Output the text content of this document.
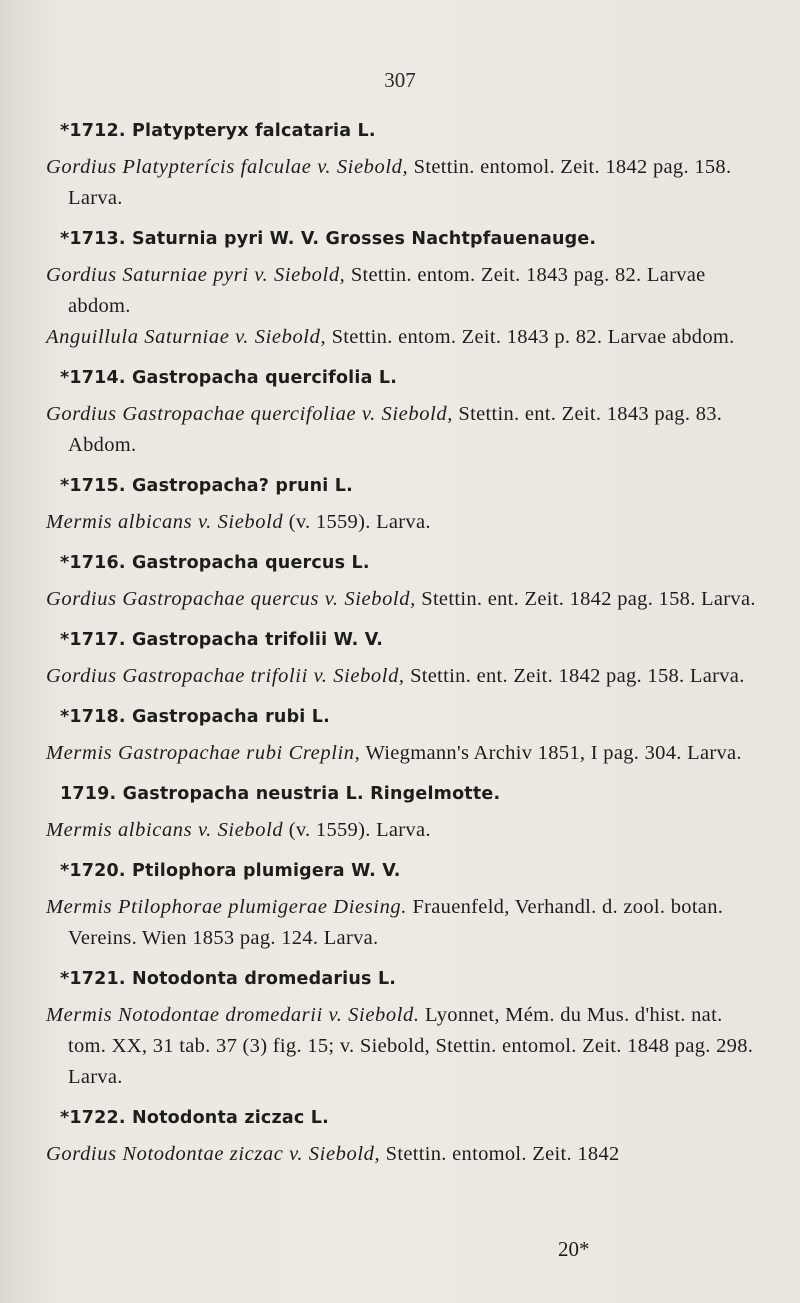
307
*1712. Platypteryx falcataria L.
Gordius Platypterícis falculae v. Siebold, Stettin. entomol. Zeit. 1842 pag. 158. Larva.
*1713. Saturnia pyri W. V. Grosses Nachtpfauenauge.
Gordius Saturniae pyri v. Siebold, Stettin. entom. Zeit. 1843 pag. 82. Larvae abdom.
Anguillula Saturniae v. Siebold, Stettin. entom. Zeit. 1843 p. 82. Larvae abdom.
*1714. Gastropacha quercifolia L.
Gordius Gastropachae quercifoliae v. Siebold, Stettin. ent. Zeit. 1843 pag. 83. Abdom.
*1715. Gastropacha? pruni L.
Mermis albicans v. Siebold (v. 1559). Larva.
*1716. Gastropacha quercus L.
Gordius Gastropachae quercus v. Siebold, Stettin. ent. Zeit. 1842 pag. 158. Larva.
*1717. Gastropacha trifolii W. V.
Gordius Gastropachae trifolii v. Siebold, Stettin. ent. Zeit. 1842 pag. 158. Larva.
*1718. Gastropacha rubi L.
Mermis Gastropachae rubi Creplin, Wiegmann's Archiv 1851, I pag. 304. Larva.
1719. Gastropacha neustria L. Ringelmotte.
Mermis albicans v. Siebold (v. 1559). Larva.
*1720. Ptilophora plumigera W. V.
Mermis Ptilophorae plumigerae Diesing. Frauenfeld, Verhandl. d. zool. botan. Vereins. Wien 1853 pag. 124. Larva.
*1721. Notodonta dromedarius L.
Mermis Notodontae dromedarii v. Siebold. Lyonnet, Mém. du Mus. d'hist. nat. tom. XX, 31 tab. 37 (3) fig. 15; v. Siebold, Stettin. entomol. Zeit. 1848 pag. 298. Larva.
*1722. Notodonta ziczac L.
Gordius Notodontae ziczac v. Siebold, Stettin. entomol. Zeit. 1842
20*
